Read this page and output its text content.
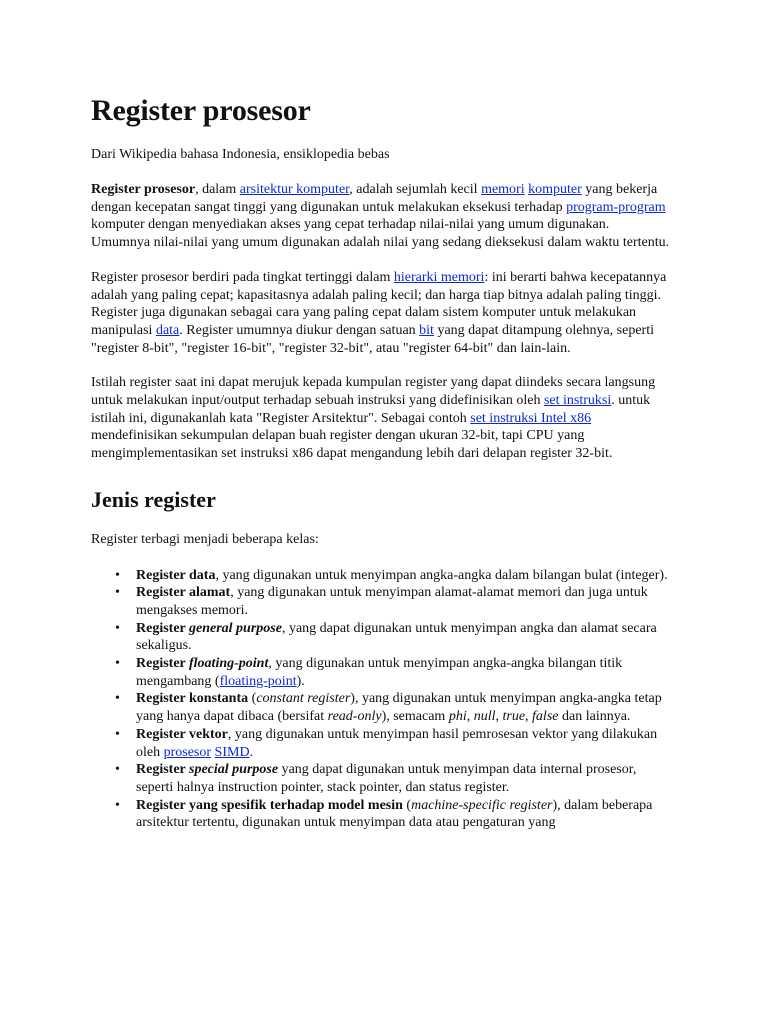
Register prosesor
Dari Wikipedia bahasa Indonesia, ensiklopedia bebas

Register prosesor, dalam arsitektur komputer, adalah sejumlah kecil memori komputer yang bekerja dengan kecepatan sangat tinggi yang digunakan untuk melakukan eksekusi terhadap program-program komputer dengan menyediakan akses yang cepat terhadap nilai-nilai yang umum digunakan. Umumnya nilai-nilai yang umum digunakan adalah nilai yang sedang dieksekusi dalam waktu tertentu.

Register prosesor berdiri pada tingkat tertinggi dalam hierarki memori: ini berarti bahwa kecepatannya adalah yang paling cepat; kapasitasnya adalah paling kecil; dan harga tiap bitnya adalah paling tinggi. Register juga digunakan sebagai cara yang paling cepat dalam sistem komputer untuk melakukan manipulasi data. Register umumnya diukur dengan satuan bit yang dapat ditampung olehnya, seperti "register 8-bit", "register 16-bit", "register 32-bit", atau "register 64-bit" dan lain-lain.

Istilah register saat ini dapat merujuk kepada kumpulan register yang dapat diindeks secara langsung untuk melakukan input/output terhadap sebuah instruksi yang didefinisikan oleh set instruksi. untuk istilah ini, digunakanlah kata "Register Arsitektur". Sebagai contoh set instruksi Intel x86 mendefinisikan sekumpulan delapan buah register dengan ukuran 32-bit, tapi CPU yang mengimplementasikan set instruksi x86 dapat mengandung lebih dari delapan register 32-bit.

Jenis register

Register terbagi menjadi beberapa kelas:

• Register data, yang digunakan untuk menyimpan angka-angka dalam bilangan bulat (integer).
• Register alamat, yang digunakan untuk menyimpan alamat-alamat memori dan juga untuk mengakses memori.
• Register general purpose, yang dapat digunakan untuk menyimpan angka dan alamat secara sekaligus.
• Register floating-point, yang digunakan untuk menyimpan angka-angka bilangan titik mengambang (floating-point).
• Register konstanta (constant register), yang digunakan untuk menyimpan angka-angka tetap yang hanya dapat dibaca (bersifat read-only), semacam phi, null, true, false dan lainnya.
• Register vektor, yang digunakan untuk menyimpan hasil pemrosesan vektor yang dilakukan oleh prosesor SIMD.
• Register special purpose yang dapat digunakan untuk menyimpan data internal prosesor, seperti halnya instruction pointer, stack pointer, dan status register.
• Register yang spesifik terhadap model mesin (machine-specific register), dalam beberapa arsitektur tertentu, digunakan untuk menyimpan data atau pengaturan yang
